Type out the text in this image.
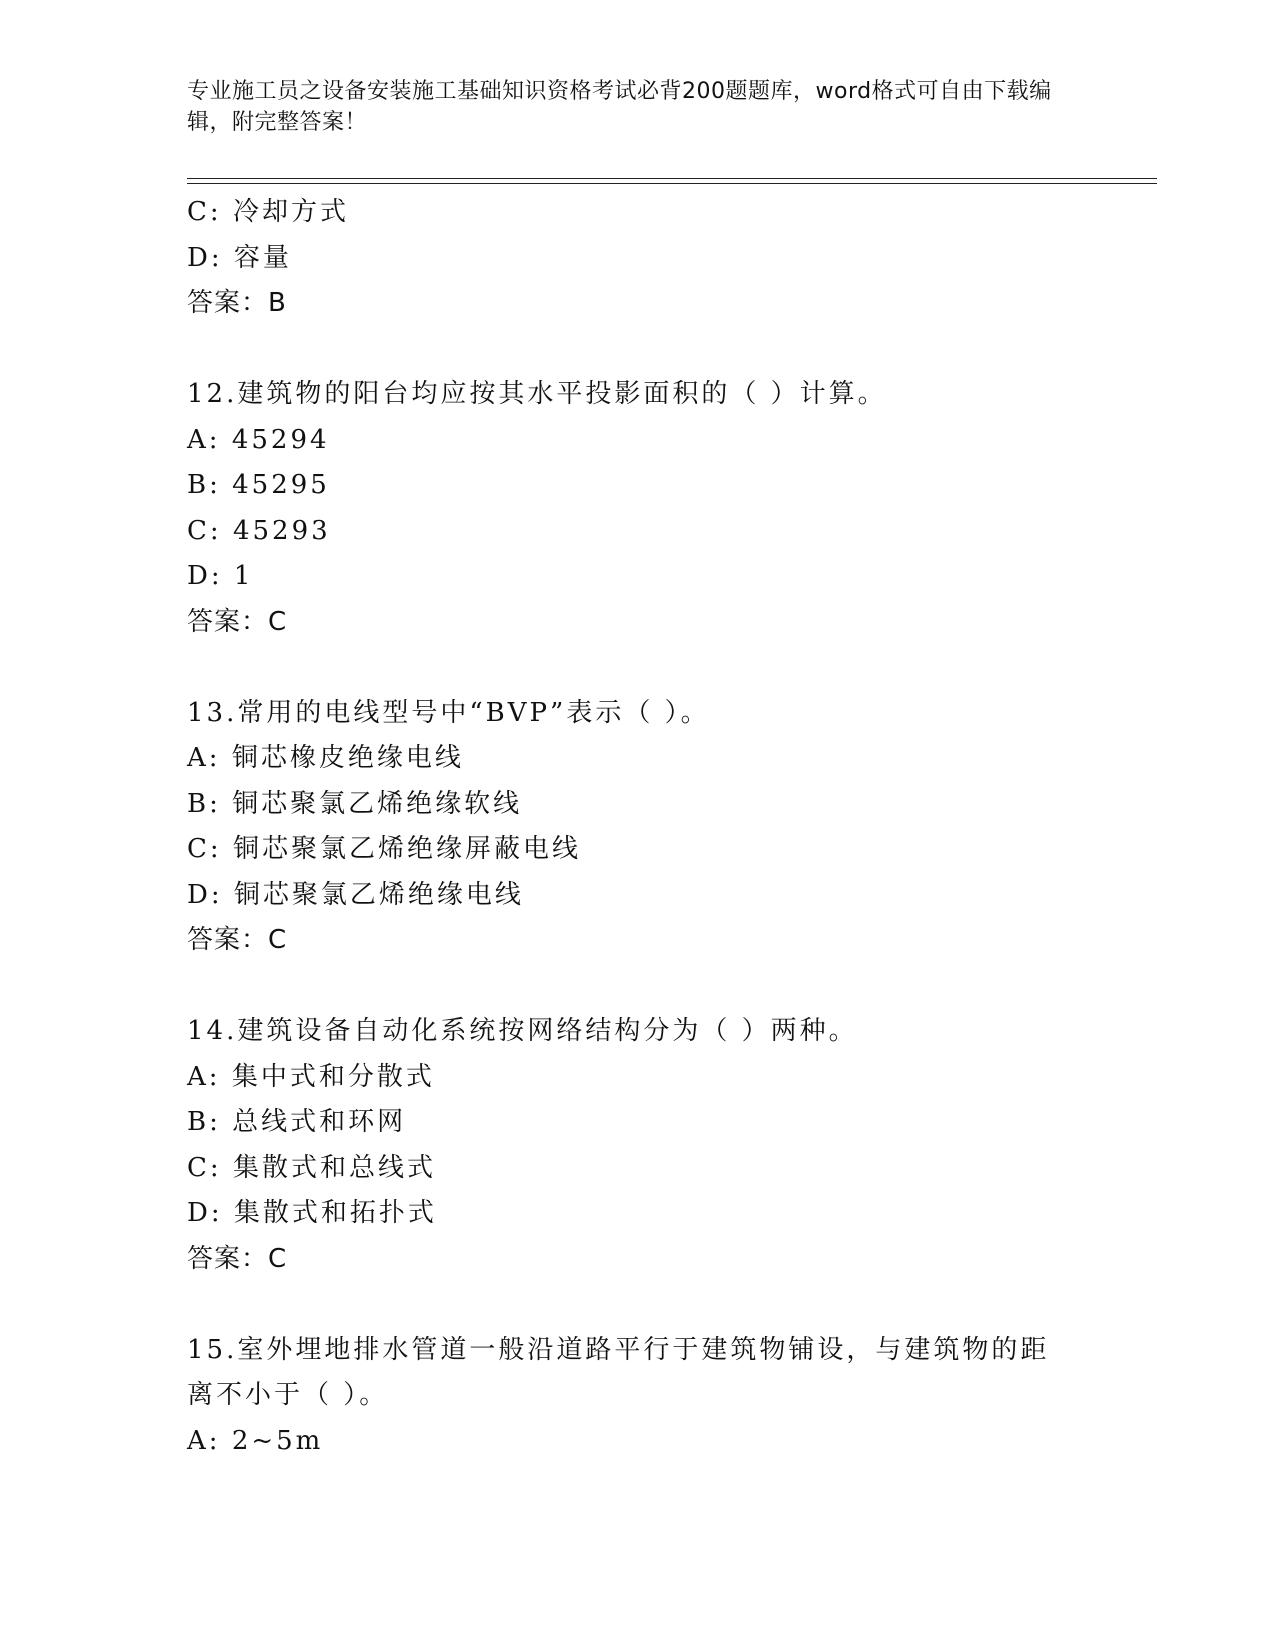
专业施工员之设备安装施工基础知识资格考试必背200题题库，word格式可自由下载编辑，附完整答案！
C: 冷却方式
D: 容量
答案：B
12.建筑物的阳台均应按其水平投影面积的（ ）计算。
A: 45294
B: 45295
C: 45293
D: 1
答案：C
13.常用的电线型号中“BVP”表示（ ）。
A: 铜芯橡皮绝缘电线
B: 铜芯聚氯乙烯绝缘软线
C: 铜芯聚氯乙烯绝缘屏蔽电线
D: 铜芯聚氯乙烯绝缘电线
答案：C
14.建筑设备自动化系统按网络结构分为（ ）两种。
A: 集中式和分散式
B: 总线式和环网
C: 集散式和总线式
D: 集散式和拓扑式
答案：C
15.室外埋地排水管道一般沿道路平行于建筑物铺设，与建筑物的距离不小于（ ）。
A: 2~5m
